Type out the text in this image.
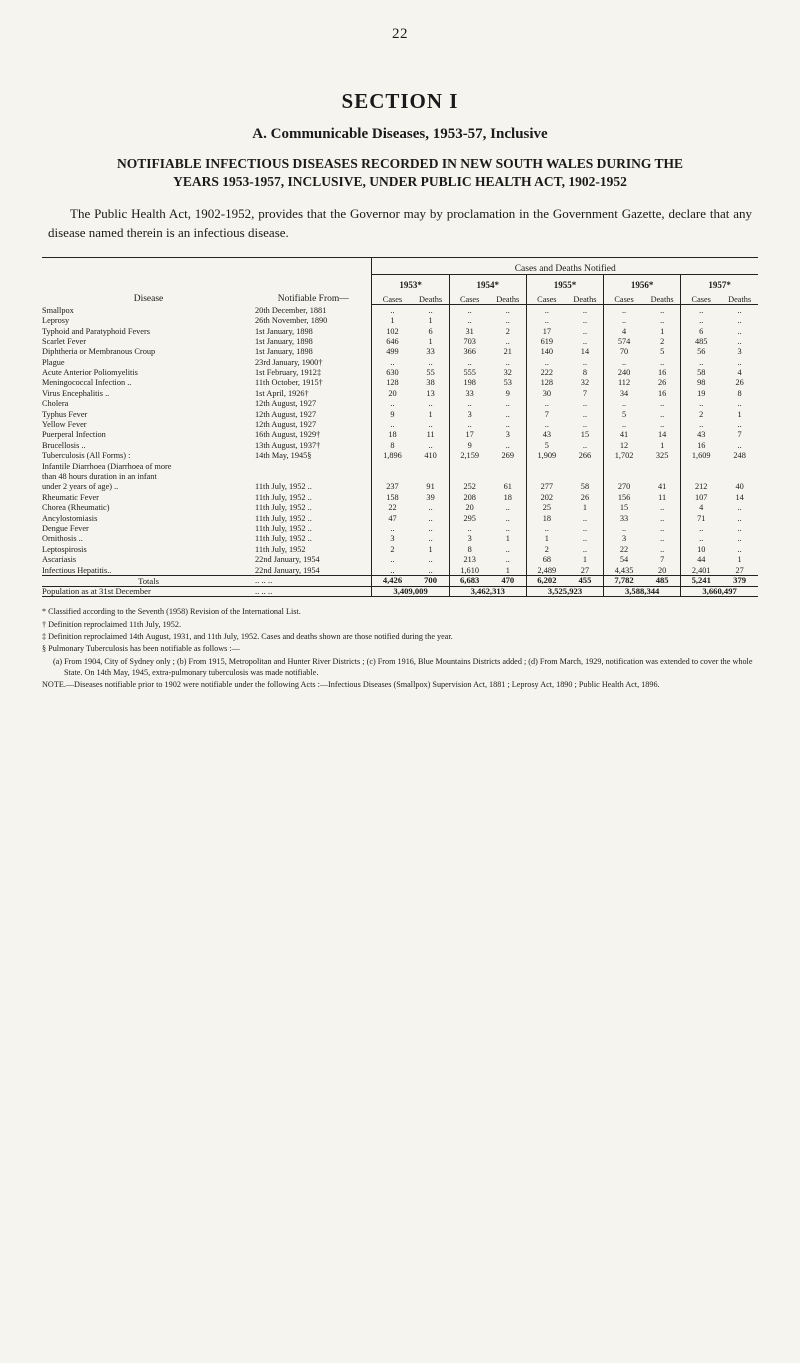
22
SECTION I
A. Communicable Diseases, 1953-57, Inclusive
NOTIFIABLE INFECTIOUS DISEASES RECORDED IN NEW SOUTH WALES DURING THE
YEARS 1953-1957, INCLUSIVE, UNDER PUBLIC HEALTH ACT, 1902-1952
The Public Health Act, 1902-1952, provides that the Governor may by proclamation in the Government Gazette, declare that any disease named therein is an infectious disease.
Disease	Notifiable From—	Cases and Deaths Notified									
		1953*		1954*		1955*		1956*		1957*	
		Cases	Deaths	Cases	Deaths	Cases	Deaths	Cases	Deaths	Cases	Deaths
Smallpox	20th December, 1881	..	..	..	..	..	..	..	..	..	..
Leprosy	26th November, 1890	1	1	..	..	..	..	..	..	..	..
Typhoid and Paratyphoid Fevers	1st January, 1898	102	6	31	2	17	..	4	1	6	..
Scarlet Fever	1st January, 1898	646	1	703	..	619	..	574	2	485	..
Diphtheria or Membranous Croup	1st January, 1898	499	33	366	21	140	14	70	5	56	3
Plague	23rd January, 1900†	..	..	..	..	..	..	..	..	..	..
Acute Anterior Poliomyelitis	1st February, 1912‡	630	55	555	32	222	8	240	16	58	4
Meningococcal Infection ..	11th October, 1915†	128	38	198	53	128	32	112	26	98	26
Virus Encephalitis ..	1st April, 1926†	20	13	33	9	30	7	34	16	19	8
Cholera	12th August, 1927	..	..	..	..	..	..	..	..	..	..
Typhus Fever	12th August, 1927	9	1	3	..	7	..	5	..	2	1
Yellow Fever	12th August, 1927	..	..	..	..	..	..	..	..	..	..
Puerperal Infection	16th August, 1929†	18	11	17	3	43	15	41	14	43	7
Brucellosis ..	13th August, 1937†	8	..	9	..	5	..	12	1	16	..
Tuberculosis (All Forms) :	14th May, 1945§	1,896	410	2,159	269	1,909	266	1,702	325	1,609	248
Infantile Diarrhoea (Diarrhoea of more											
than 48 hours duration in an infant											
under 2 years of age) ..	11th July, 1952 ..	237	91	252	61	277	58	270	41	212	40
Rheumatic Fever	11th July, 1952 ..	158	39	208	18	202	26	156	11	107	14
Chorea (Rheumatic)	11th July, 1952 ..	22	..	20	..	25	1	15	..	4	..
Ancylostomiasis	11th July, 1952 ..	47	..	295	..	18	..	33	..	71	..
Dengue Fever	11th July, 1952 ..	..	..	..	..	..	..	..	..	..	..
Ornithosis ..	11th July, 1952 ..	3	..	3	1	1	..	3	..	..	..
Leptospirosis	11th July, 1952	2	1	8	..	2	..	22	..	10	..
Ascariasis	22nd January, 1954	..	..	213	..	68	1	54	7	44	1
Infectious Hepatitis..	22nd January, 1954	..	..	1,610	1	2,489	27	4,435	20	2,401	27
Totals	.. .. ..	4,426	700	6,683	470	6,202	455	7,782	485	5,241	379
Population as at 31st December	.. .. ..	3,409,009		3,462,313		3,525,923		3,588,344		3,660,497	

* Classified according to the Seventh (1958) Revision of the International List.

† Definition reproclaimed 11th July, 1952.

‡ Definition reproclaimed 14th August, 1931, and 11th July, 1952. Cases and deaths shown are those notified during the year.

§ Pulmonary Tuberculosis has been notifiable as follows :—

(a) From 1904, City of Sydney only ; (b) From 1915, Metropolitan and Hunter River Districts ; (c) From 1916, Blue Mountains Districts added ; (d) From March, 1929, notification was extended to cover the whole State. On 14th May, 1945, extra-pulmonary tuberculosis was made notifiable.

NOTE.—Diseases notifiable prior to 1902 were notifiable under the following Acts :—Infectious Diseases (Smallpox) Supervision Act, 1881 ; Leprosy Act, 1890 ; Public Health Act, 1896.
